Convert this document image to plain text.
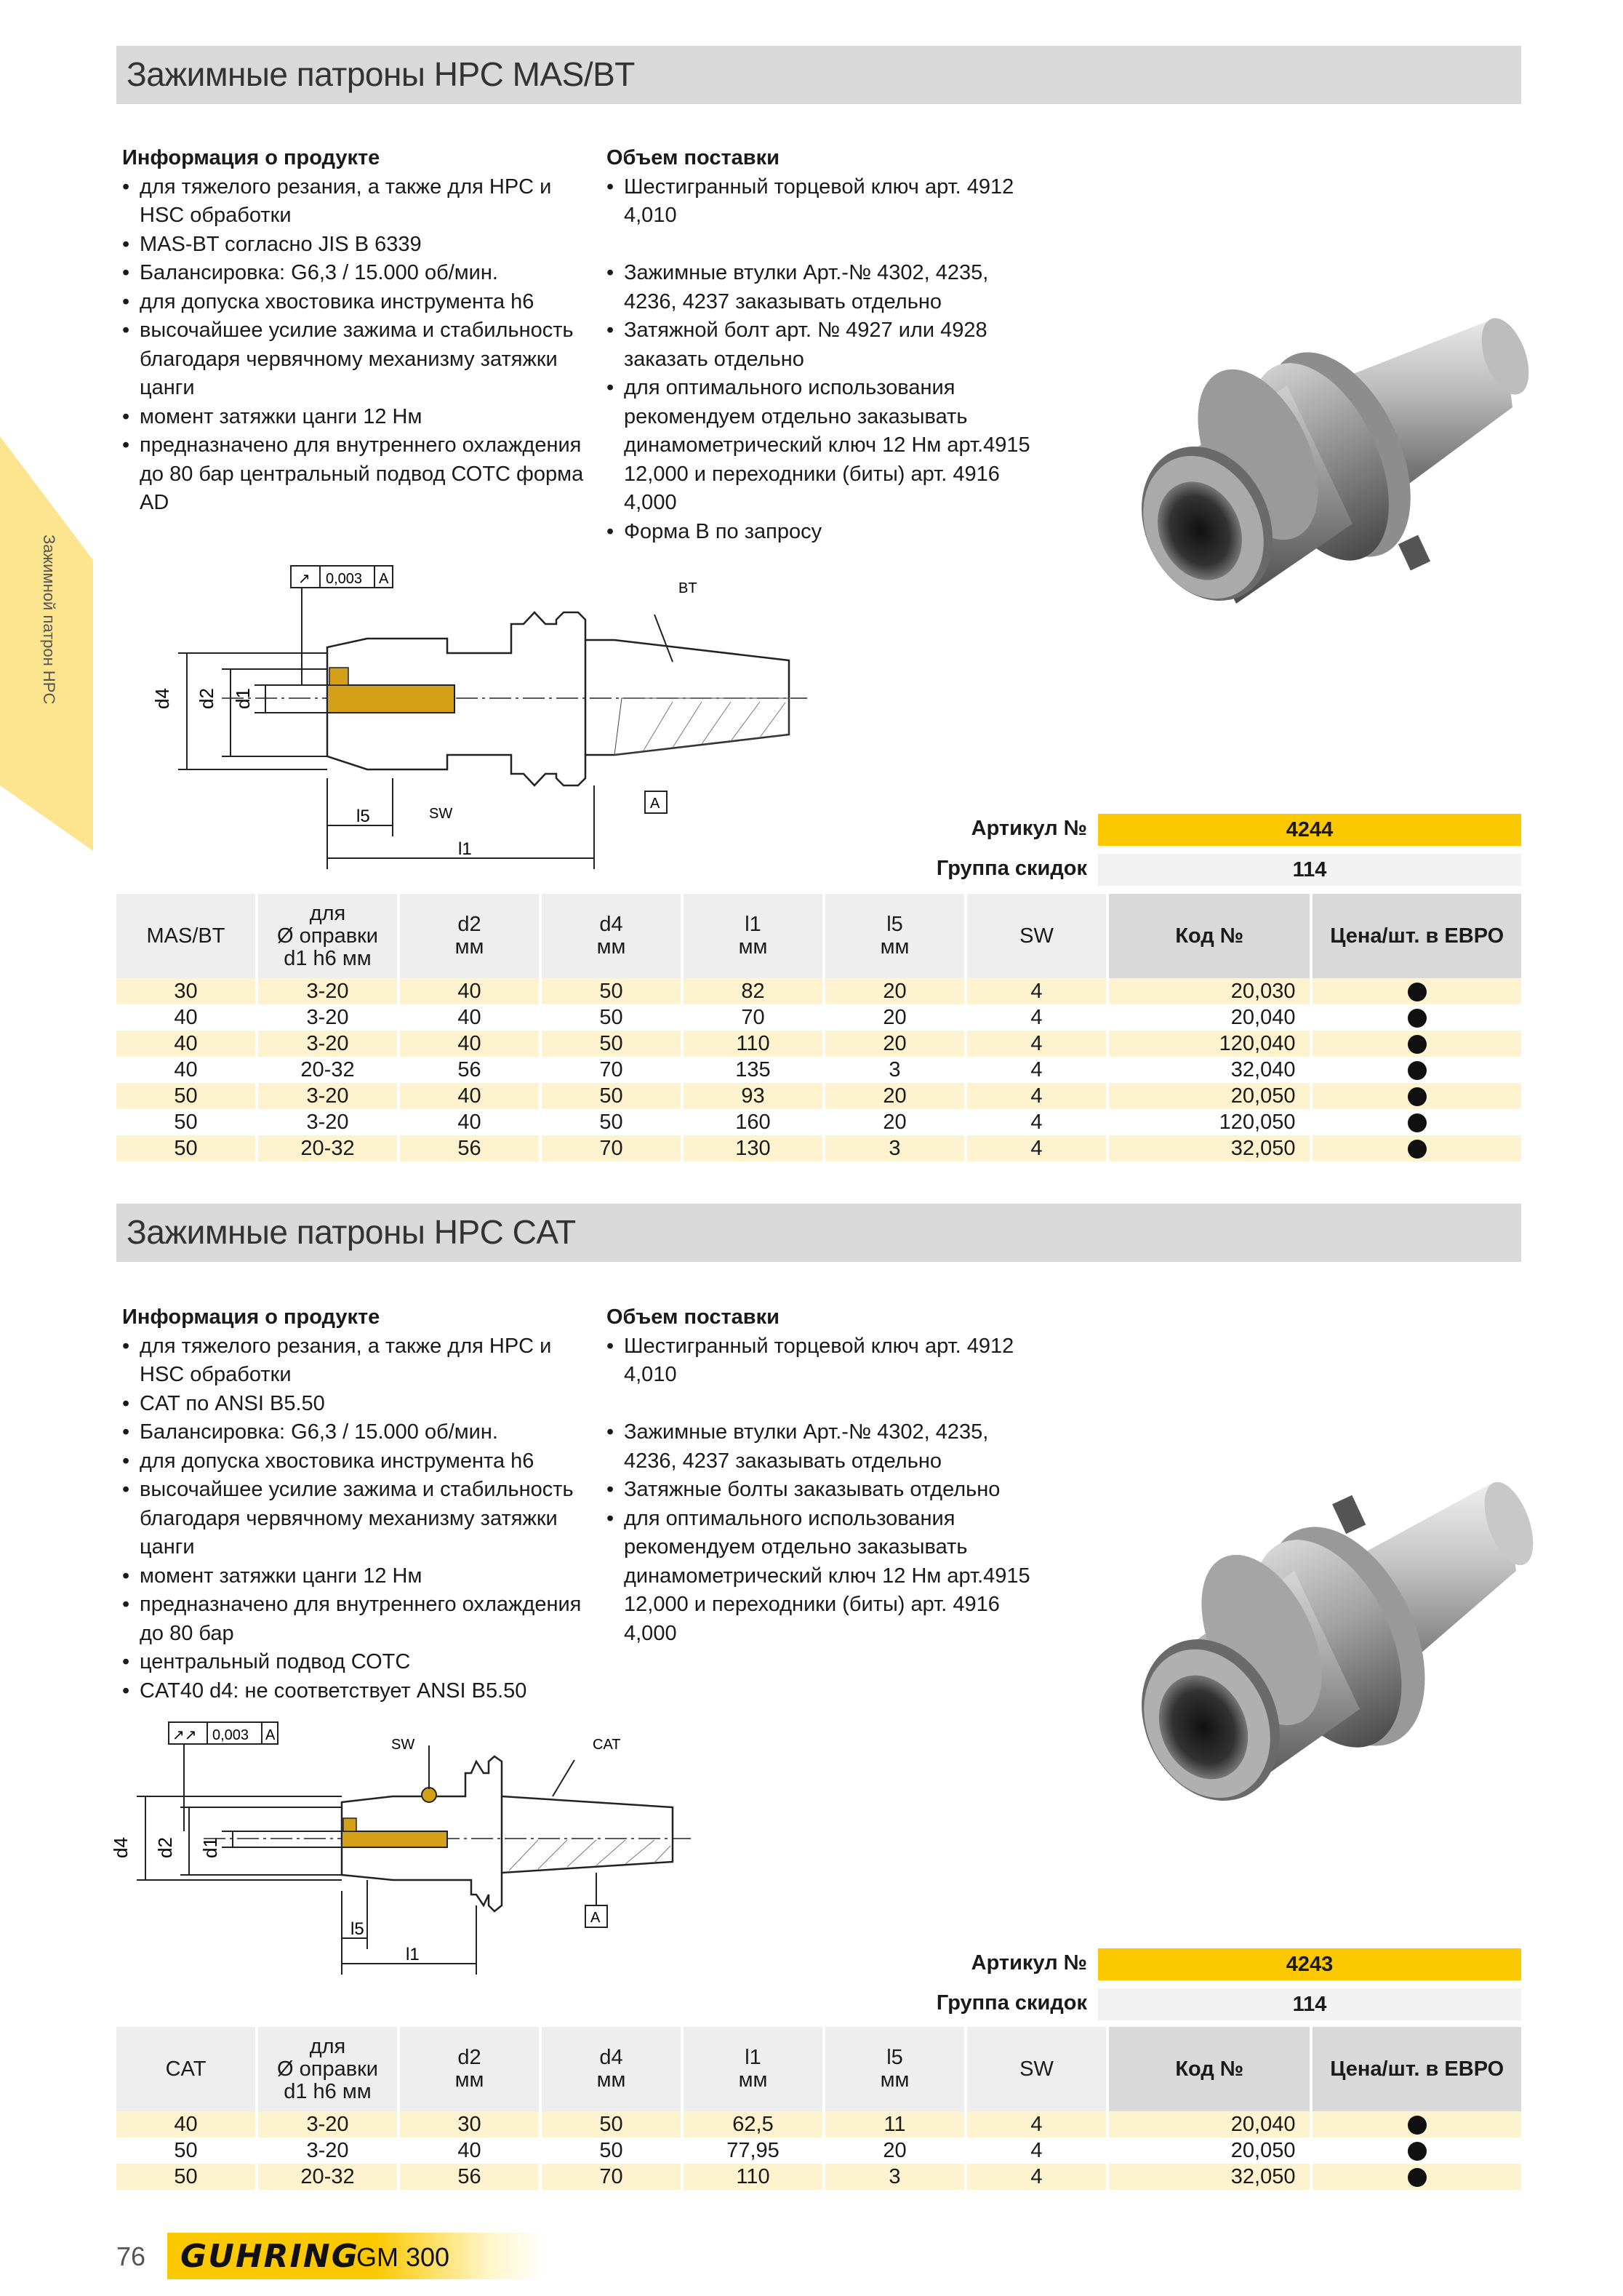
Зажимной патрон HPC
Зажимные патроны HPC MAS/BT
Информация о продукте
• для тяжелого резания, а также для HPC и HSC обработки
• MAS-BT согласно JIS B 6339
• Балансировка: G6,3 / 15.000 об/мин.
• для допуска хвостовика инструмента h6
• высочайшее усилие зажима и стабильность благодаря червячному механизму затяжки цанги
• момент затяжки цанги 12 Нм
• предназначено для внутреннего охлаждения до 80 бар центральный подвод СОТС форма AD
Объем поставки
• Шестигранный торцевой ключ арт. 4912 4,010
• Зажимные втулки Арт.-№ 4302, 4235, 4236, 4237 заказывать отдельно
• Затяжной болт арт. № 4927 или 4928 заказать отдельно
• для оптимального использования рекомендуем отдельно заказывать динамометрический ключ 12 Нм арт.4915 12,000 и переходники (биты) арт. 4916 4,000
• Форма B по запросу
d4 d2 d1
0,003 A
↗
BT
SW
l5
l1
A
Артикул №	4244
Группа скидок	114
MAS/BT	для
Ø оправки
d1 h6 мм	d2
мм	d4
мм	l1
мм	l5
мм	SW	Код №	Цена/шт. в ЕВРО
30	3-20	40	50	82	20	4	20,030	
40	3-20	40	50	70	20	4	20,040	
40	3-20	40	50	110	20	4	120,040	
40	20-32	56	70	135	3	4	32,040	
50	3-20	40	50	93	20	4	20,050	
50	3-20	40	50	160	20	4	120,050	
50	20-32	56	70	130	3	4	32,050	
Зажимные патроны HPC CAT
Информация о продукте
• для тяжелого резания, а также для HPC и HSC обработки
• CAT по ANSI B5.50
• Балансировка: G6,3 / 15.000 об/мин.
• для допуска хвостовика инструмента h6
• высочайшее усилие зажима и стабильность благодаря червячному механизму затяжки цанги
• момент затяжки цанги 12 Нм
• предназначено для внутреннего охлаждения до 80 бар
• центральный подвод СОТС
• CAT40 d4: не соответствует ANSI B5.50
Объем поставки
• Шестигранный торцевой ключ арт. 4912 4,010
• Зажимные втулки Арт.-№ 4302, 4235, 4236, 4237 заказывать отдельно
• Затяжные болты заказывать отдельно
• для оптимального использования рекомендуем отдельно заказывать динамометрический ключ 12 Нм арт.4915 12,000 и переходники (биты) арт. 4916 4,000
d4 d2 d1
↗↗ 0,003 A
SW	CAT
l5
l1
A
Артикул №	4243
Группа скидок	114
CAT	для
Ø оправки
d1 h6 мм	d2
мм	d4
мм	l1
мм	l5
мм	SW	Код №	Цена/шт. в ЕВРО
40	3-20	30	50	62,5	11	4	20,040	
50	3-20	40	50	77,95	20	4	20,050	
50	20-32	56	70	110	3	4	32,050	
76 GUHRING
GM 300
